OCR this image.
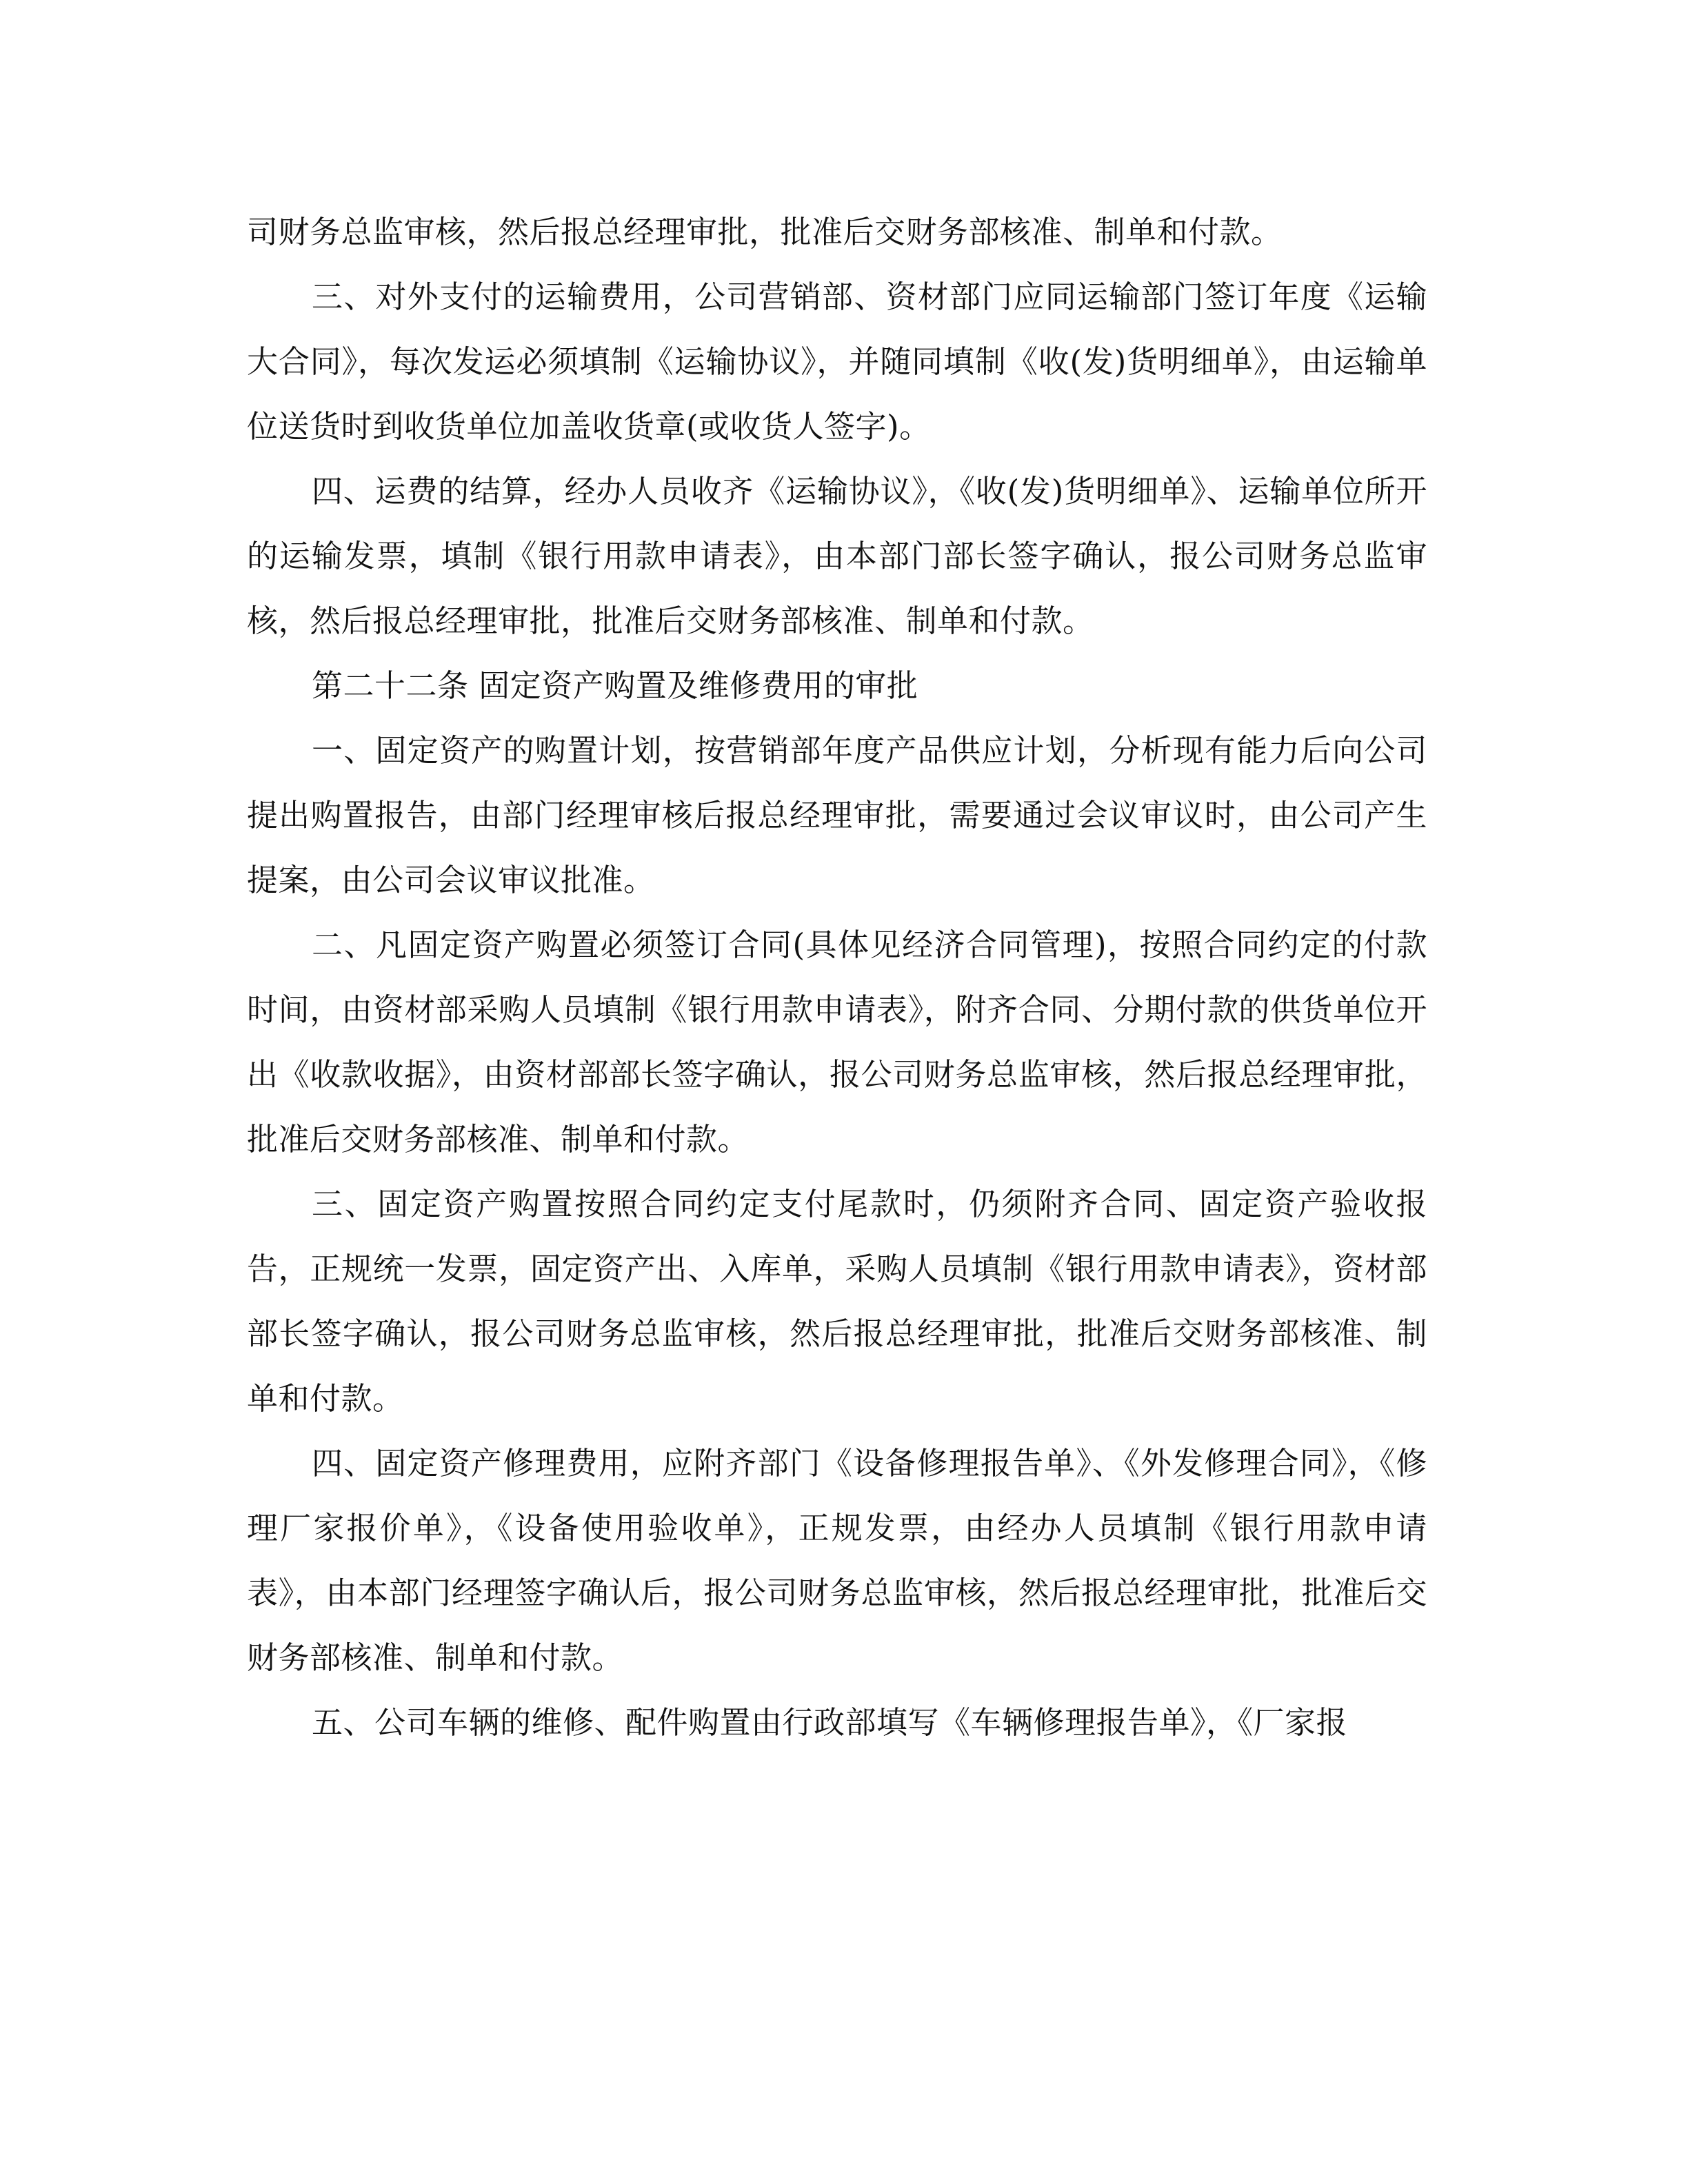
司财务总监审核，然后报总经理审批，批准后交财务部核准、制单和付款。

三、对外支付的运输费用，公司营销部、资材部门应同运输部门签订年度《运输大合同》，每次发运必须填制《运输协议》，并随同填制《收(发)货明细单》，由运输单位送货时到收货单位加盖收货章(或收货人签字)。

四、运费的结算，经办人员收齐《运输协议》，《收(发)货明细单》、运输单位所开的运输发票，填制《银行用款申请表》，由本部门部长签字确认，报公司财务总监审核，然后报总经理审批，批准后交财务部核准、制单和付款。

第二十二条 固定资产购置及维修费用的审批

一、固定资产的购置计划，按营销部年度产品供应计划，分析现有能力后向公司提出购置报告，由部门经理审核后报总经理审批，需要通过会议审议时，由公司产生提案，由公司会议审议批准。

二、凡固定资产购置必须签订合同(具体见经济合同管理)，按照合同约定的付款时间，由资材部采购人员填制《银行用款申请表》，附齐合同、分期付款的供货单位开出《收款收据》，由资材部部长签字确认，报公司财务总监审核，然后报总经理审批，批准后交财务部核准、制单和付款。

三、固定资产购置按照合同约定支付尾款时，仍须附齐合同、固定资产验收报告，正规统一发票，固定资产出、入库单，采购人员填制《银行用款申请表》，资材部部长签字确认，报公司财务总监审核，然后报总经理审批，批准后交财务部核准、制单和付款。

四、固定资产修理费用，应附齐部门《设备修理报告单》、《外发修理合同》，《修理厂家报价单》，《设备使用验收单》，正规发票，由经办人员填制《银行用款申请表》，由本部门经理签字确认后，报公司财务总监审核，然后报总经理审批，批准后交财务部核准、制单和付款。

五、公司车辆的维修、配件购置由行政部填写《车辆修理报告单》，《厂家报
